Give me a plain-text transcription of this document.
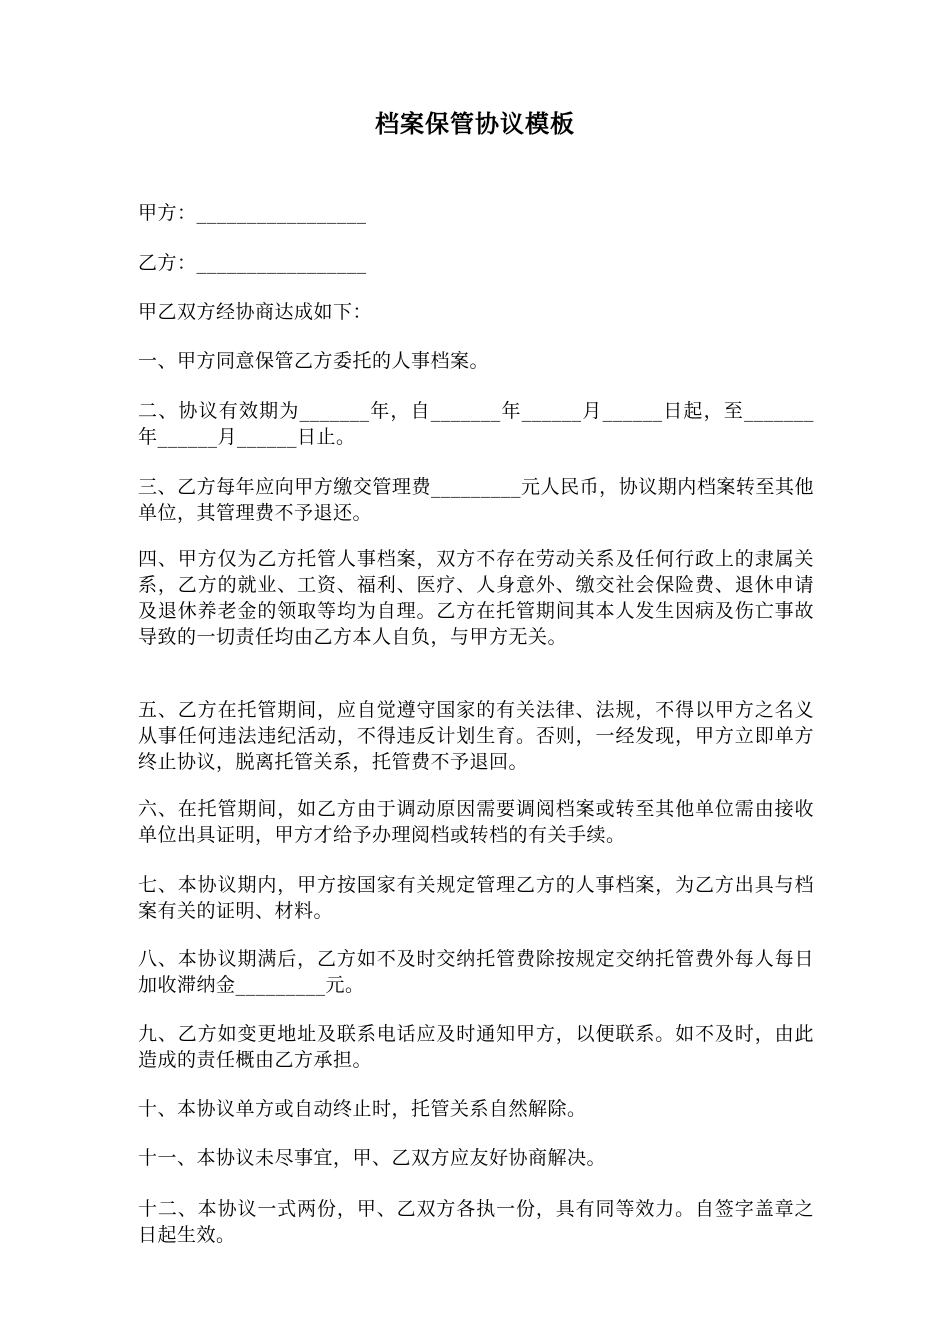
档案保管协议模板

甲方：_________________

乙方：_________________

甲乙双方经协商达成如下：

一、甲方同意保管乙方委托的人事档案。

二、协议有效期为_______年，自_______年______月______日起，至_______年______月______日止。

三、乙方每年应向甲方缴交管理费_________元人民币，协议期内档案转至其他单位，其管理费不予退还。

四、甲方仅为乙方托管人事档案，双方不存在劳动关系及任何行政上的隶属关系，乙方的就业、工资、福利、医疗、人身意外、缴交社会保险费、退休申请及退休养老金的领取等均为自理。乙方在托管期间其本人发生因病及伤亡事故导致的一切责任均由乙方本人自负，与甲方无关。

五、乙方在托管期间，应自觉遵守国家的有关法律、法规，不得以甲方之名义从事任何违法违纪活动，不得违反计划生育。否则，一经发现，甲方立即单方终止协议，脱离托管关系，托管费不予退回。

六、在托管期间，如乙方由于调动原因需要调阅档案或转至其他单位需由接收单位出具证明，甲方才给予办理阅档或转档的有关手续。

七、本协议期内，甲方按国家有关规定管理乙方的人事档案，为乙方出具与档案有关的证明、材料。

八、本协议期满后，乙方如不及时交纳托管费除按规定交纳托管费外每人每日加收滞纳金_________元。

九、乙方如变更地址及联系电话应及时通知甲方，以便联系。如不及时，由此造成的责任概由乙方承担。

十、本协议单方或自动终止时，托管关系自然解除。

十一、本协议未尽事宜，甲、乙双方应友好协商解决。

十二、本协议一式两份，甲、乙双方各执一份，具有同等效力。自签字盖章之日起生效。
